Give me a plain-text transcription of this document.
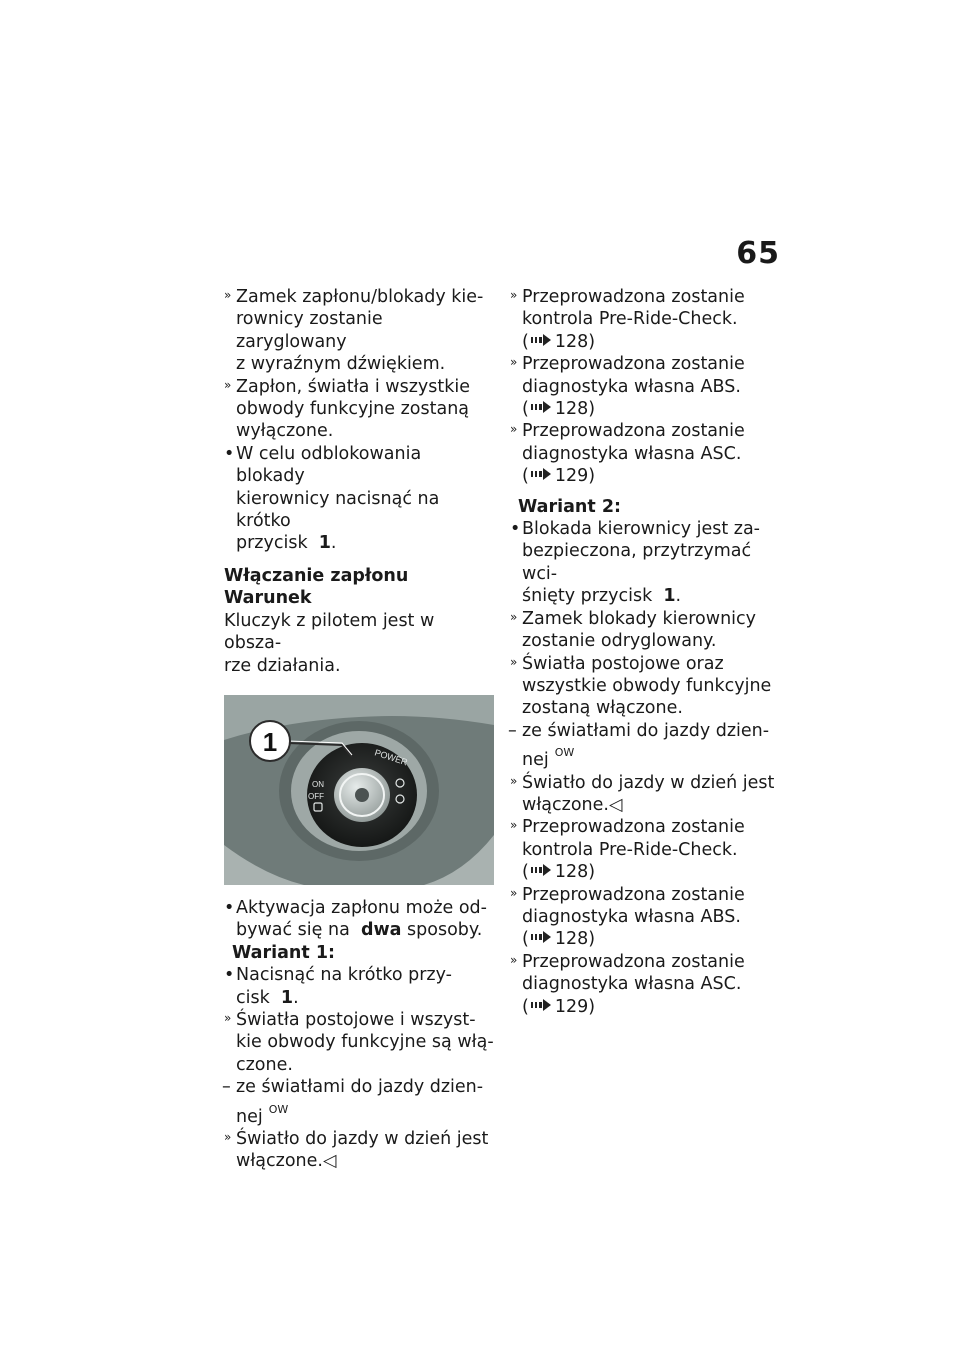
65
» Zamek zapłonu/blokady kie-
rownicy zostanie zaryglowany
z wyraźnym dźwiękiem.
» Zapłon, światła i wszystkie
obwody funkcyjne zostaną
wyłączone.
• W celu odblokowania blokady
kierownicy nacisnąć na krótko
przycisk 1.
Włączanie zapłonu
Warunek
Kluczyk z pilotem jest w obsza-
rze działania.
1
POWER
ON
OFF
• Aktywacja zapłonu może od-
bywać się na dwa sposoby.
Wariant 1:
• Nacisnąć na krótko przy-
cisk 1.
» Światła postojowe i wszyst-
kie obwody funkcyjne są włą-
czone.
– ze światłami do jazdy dzien-
nej $^{OW}$
» Światło do jazdy w dzień jest
włączone.◁
» Przeprowadzona zostanie
kontrola Pre-Ride-Check.
( 128)
» Przeprowadzona zostanie
diagnostyka własna ABS.
( 128)
» Przeprowadzona zostanie
diagnostyka własna ASC.
( 129)
Wariant 2:
• Blokada kierownicy jest za-
bezpieczona, przytrzymać wci-
śnięty przycisk 1.
» Zamek blokady kierownicy
zostanie odryglowany.
» Światła postojowe oraz
wszystkie obwody funkcyjne
zostaną włączone.
– ze światłami do jazdy dzien-
nej $^{OW}$
» Światło do jazdy w dzień jest
włączone.◁
» Przeprowadzona zostanie
kontrola Pre-Ride-Check.
( 128)
» Przeprowadzona zostanie
diagnostyka własna ABS.
( 128)
» Przeprowadzona zostanie
diagnostyka własna ASC.
( 129)
